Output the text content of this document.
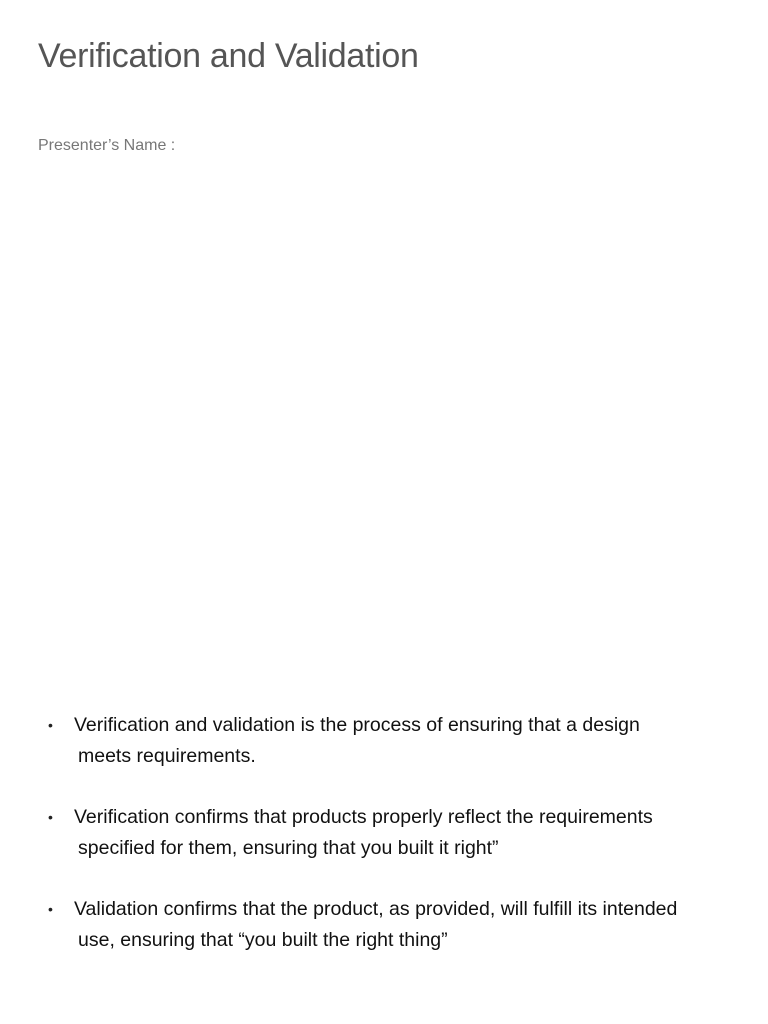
Verification and Validation
Presenter’s Name :
• Verification and validation is the process of ensuring that a design
meets requirements.
• Verification confirms that products properly reflect the requirements
specified for them, ensuring that you built it right”
• Validation confirms that the product, as provided, will fulfill its intended
use, ensuring that “you built the right thing”
